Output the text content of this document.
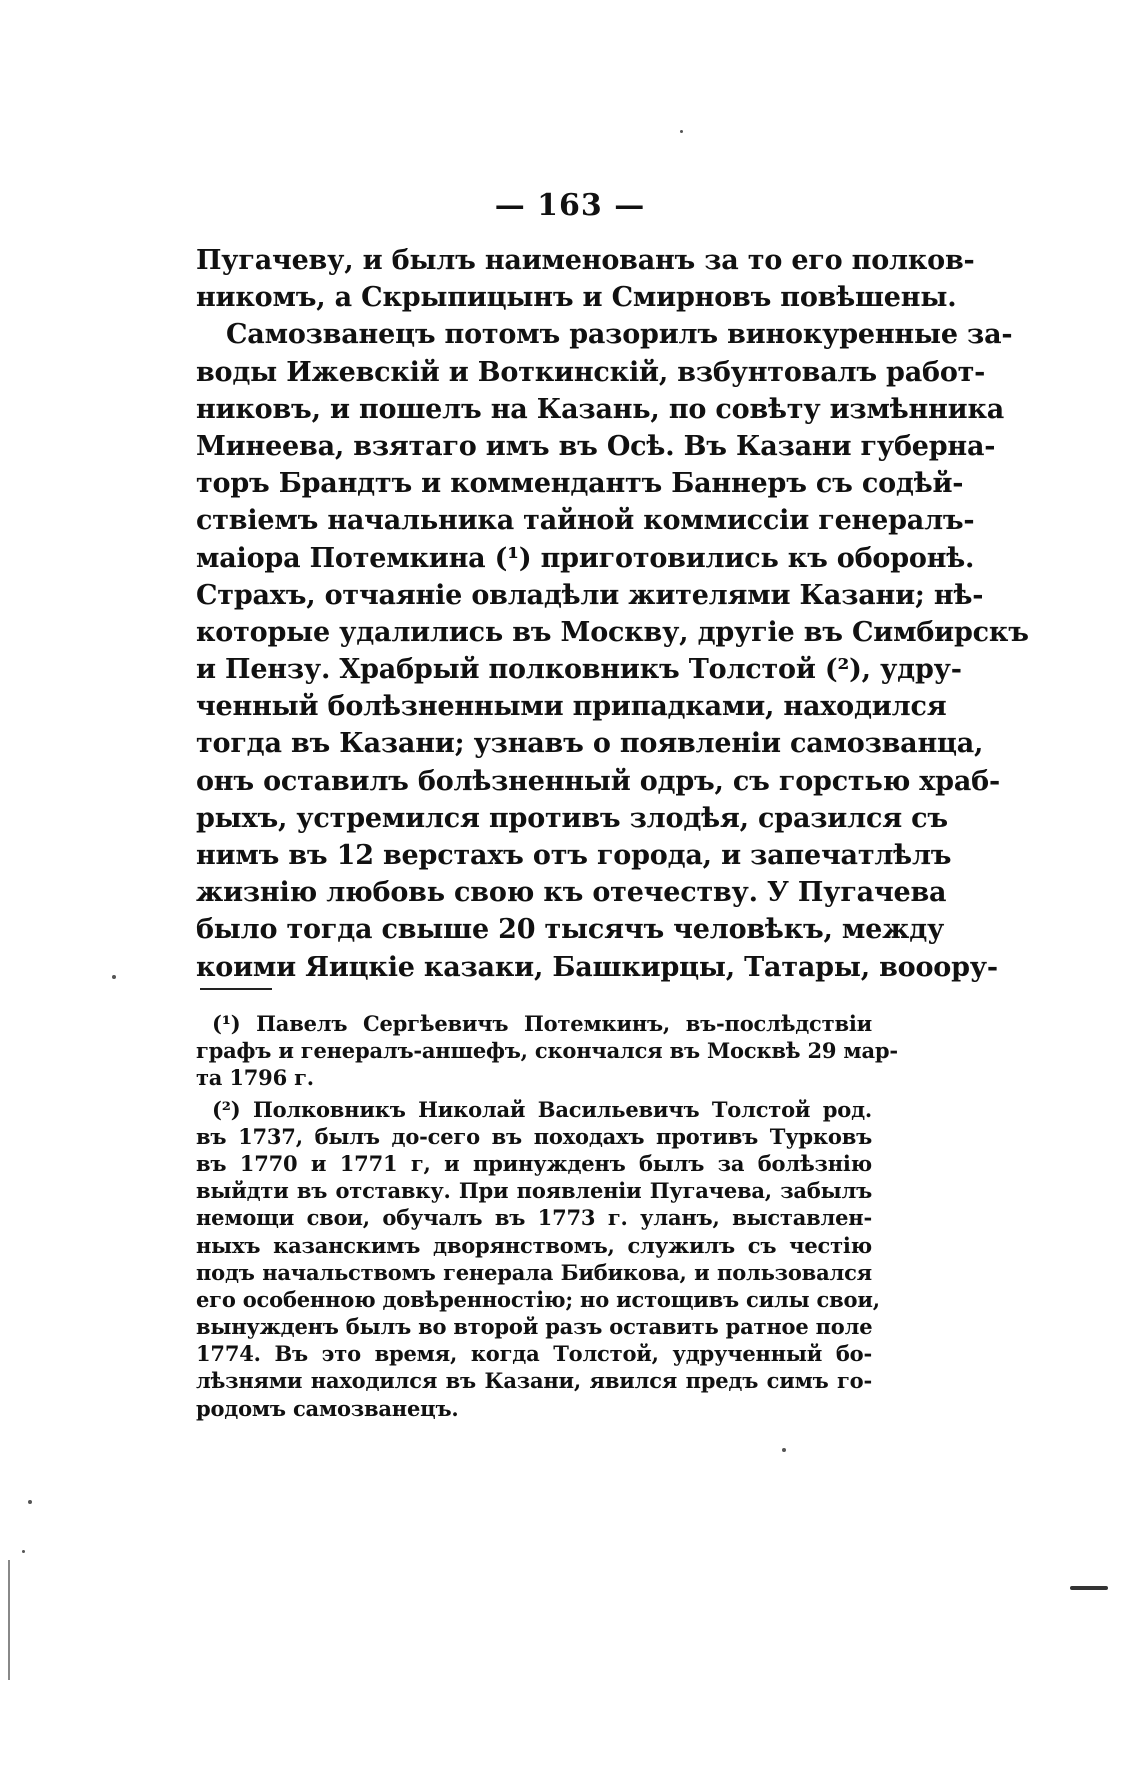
— 163 —

Пугачеву, и былъ наименованъ за то его полков-
никомъ, а Скрыпицынъ и Смирновъ повѣшены.
Самозванецъ потомъ разорилъ винокуренные за-
воды Ижевскій и Воткинскій, взбунтовалъ работ-
никовъ, и пошелъ на Казань, по совѣту измѣнника
Минеева, взятаго имъ въ Осѣ. Въ Казани губерна-
торъ Брандтъ и коммендантъ Баннеръ съ содѣй-
ствіемъ начальника тайной коммиссіи генералъ-
маіора Потемкина (¹) приготовились къ оборонѣ.
Страхъ, отчаяніе овладѣли жителями Казани; нѣ-
которые удалились въ Москву, другіе въ Симбирскъ
и Пензу. Храбрый полковникъ Толстой (²), удру-
ченный болѣзненными припадками, находился
тогда въ Казани; узнавъ о появленіи самозванца,
онъ оставилъ болѣзненный одръ, съ горстью храб-
рыхъ, устремился противъ злодѣя, сразился съ
нимъ въ 12 верстахъ отъ города, и запечатлѣлъ
жизнію любовь свою къ отечеству. У Пугачева
было тогда свыше 20 тысячъ человѣкъ, между
коими Яицкіе казаки, Башкирцы, Татары, вооору-
(¹) Павелъ Сергѣевичъ Потемкинъ, въ-послѣдствіи
графъ и генералъ-аншефъ, скончался въ Москвѣ 29 мар-
та 1796 г.
(²) Полковникъ Николай Васильевичъ Толстой род.
въ 1737, былъ до-сего въ походахъ противъ Турковъ
въ 1770 и 1771 г, и принужденъ былъ за болѣзнію
выйдти въ отставку. При появленіи Пугачева, забылъ
немощи свои, обучалъ въ 1773 г. уланъ, выставлен-
ныхъ казанскимъ дворянствомъ, служилъ съ честію
подъ начальствомъ генерала Бибикова, и пользовался
его особенною довѣренностію; но истощивъ силы свои,
вынужденъ былъ во второй разъ оставить ратное поле
1774. Въ это время, когда Толстой, удрученный бо-
лѣзнями находился въ Казани, явился предъ симъ го-
родомъ самозванецъ.
